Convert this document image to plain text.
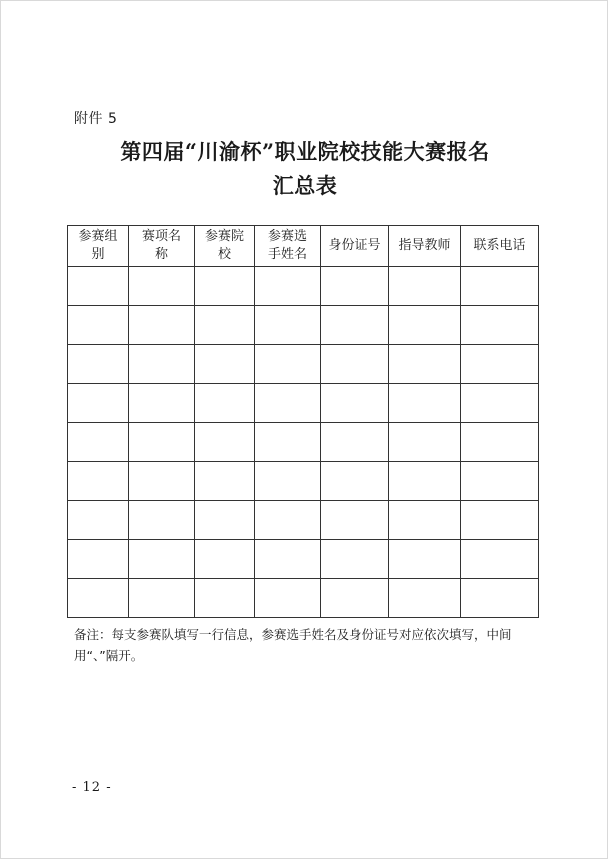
附件 5
第四届“川渝杯”职业院校技能大赛报名
汇总表
参赛组别	赛项名称	参赛院校	参赛选手姓名	身份证号	指导教师	联系电话

备注：每支参赛队填写一行信息，参赛选手姓名及身份证号对应依次填写，中间用“、”隔开。
- 12 -
